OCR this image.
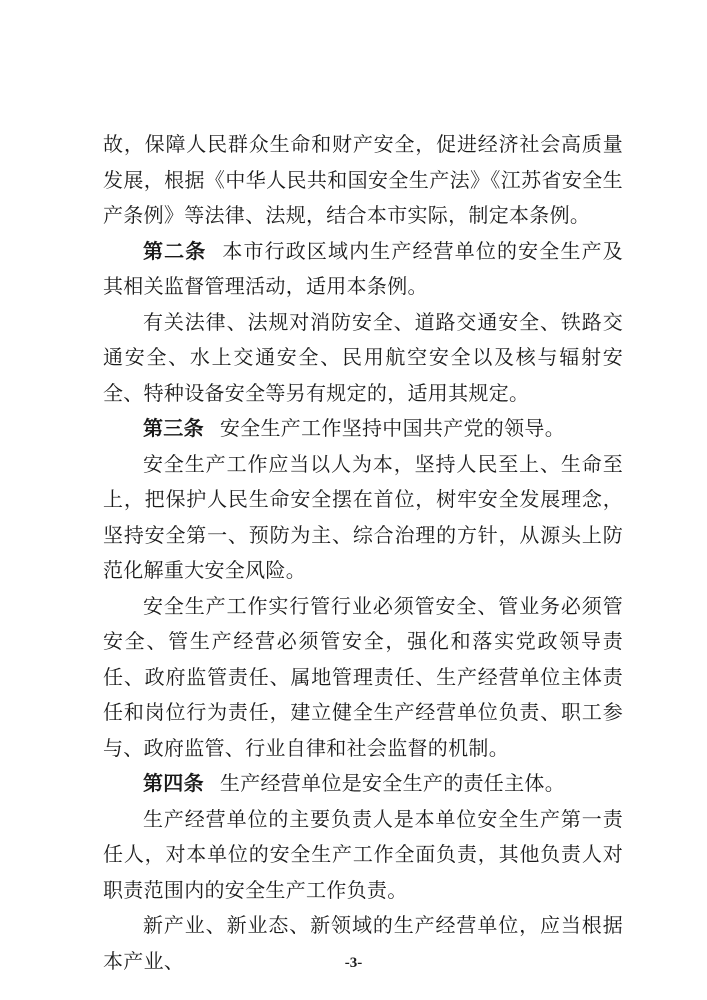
故，保障人民群众生命和财产安全，促进经济社会高质量发展，根据《中华人民共和国安全生产法》《江苏省安全生产条例》等法律、法规，结合本市实际，制定本条例。

第二条 本市行政区域内生产经营单位的安全生产及其相关监督管理活动，适用本条例。

有关法律、法规对消防安全、道路交通安全、铁路交通安全、水上交通安全、民用航空安全以及核与辐射安全、特种设备安全等另有规定的，适用其规定。

第三条 安全生产工作坚持中国共产党的领导。

安全生产工作应当以人为本，坚持人民至上、生命至上，把保护人民生命安全摆在首位，树牢安全发展理念，坚持安全第一、预防为主、综合治理的方针，从源头上防范化解重大安全风险。

安全生产工作实行管行业必须管安全、管业务必须管安全、管生产经营必须管安全，强化和落实党政领导责任、政府监管责任、属地管理责任、生产经营单位主体责任和岗位行为责任，建立健全生产经营单位负责、职工参与、政府监管、行业自律和社会监督的机制。

第四条 生产经营单位是安全生产的责任主体。

生产经营单位的主要负责人是本单位安全生产第一责任人，对本单位的安全生产工作全面负责，其他负责人对职责范围内的安全生产工作负责。

新产业、新业态、新领域的生产经营单位，应当根据本产业、	-3-
